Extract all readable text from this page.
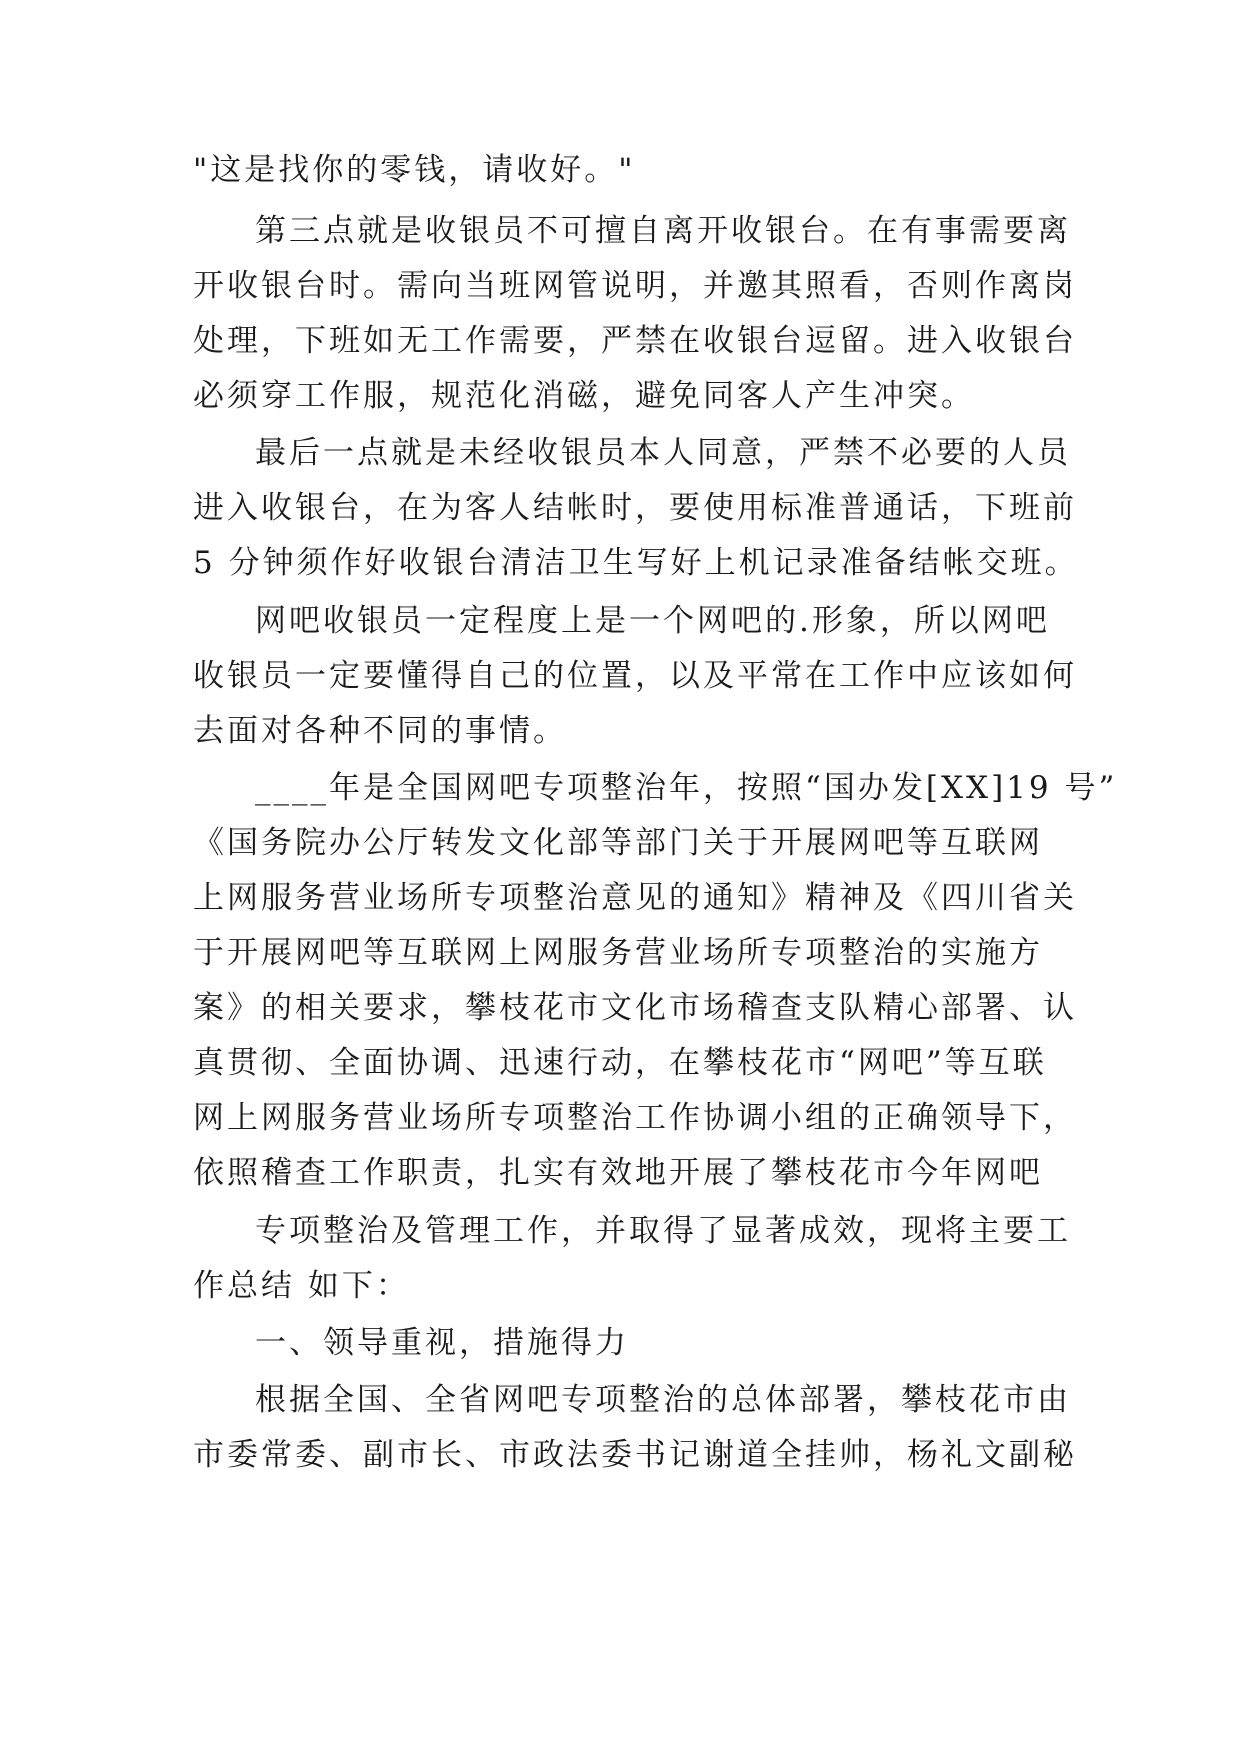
"这是找你的零钱，请收好。"
第三点就是收银员不可擅自离开收银台。在有事需要离
开收银台时。需向当班网管说明，并邀其照看，否则作离岗
处理，下班如无工作需要，严禁在收银台逗留。进入收银台
必须穿工作服，规范化消磁，避免同客人产生冲突。
最后一点就是未经收银员本人同意，严禁不必要的人员
进入收银台，在为客人结帐时，要使用标准普通话，下班前
5 分钟须作好收银台清洁卫生写好上机记录准备结帐交班。
网吧收银员一定程度上是一个网吧的.形象，所以网吧
收银员一定要懂得自己的位置，以及平常在工作中应该如何
去面对各种不同的事情。
____年是全国网吧专项整治年，按照“国办发[XX]19 号”
《国务院办公厅转发文化部等部门关于开展网吧等互联网
上网服务营业场所专项整治意见的通知》精神及《四川省关
于开展网吧等互联网上网服务营业场所专项整治的实施方
案》的相关要求，攀枝花市文化市场稽查支队精心部署、认
真贯彻、全面协调、迅速行动，在攀枝花市“网吧”等互联
网上网服务营业场所专项整治工作协调小组的正确领导下，
依照稽查工作职责，扎实有效地开展了攀枝花市今年网吧
专项整治及管理工作，并取得了显著成效，现将主要工
作总结 如下：
一、领导重视，措施得力
根据全国、全省网吧专项整治的总体部署，攀枝花市由
市委常委、副市长、市政法委书记谢道全挂帅，杨礼文副秘
